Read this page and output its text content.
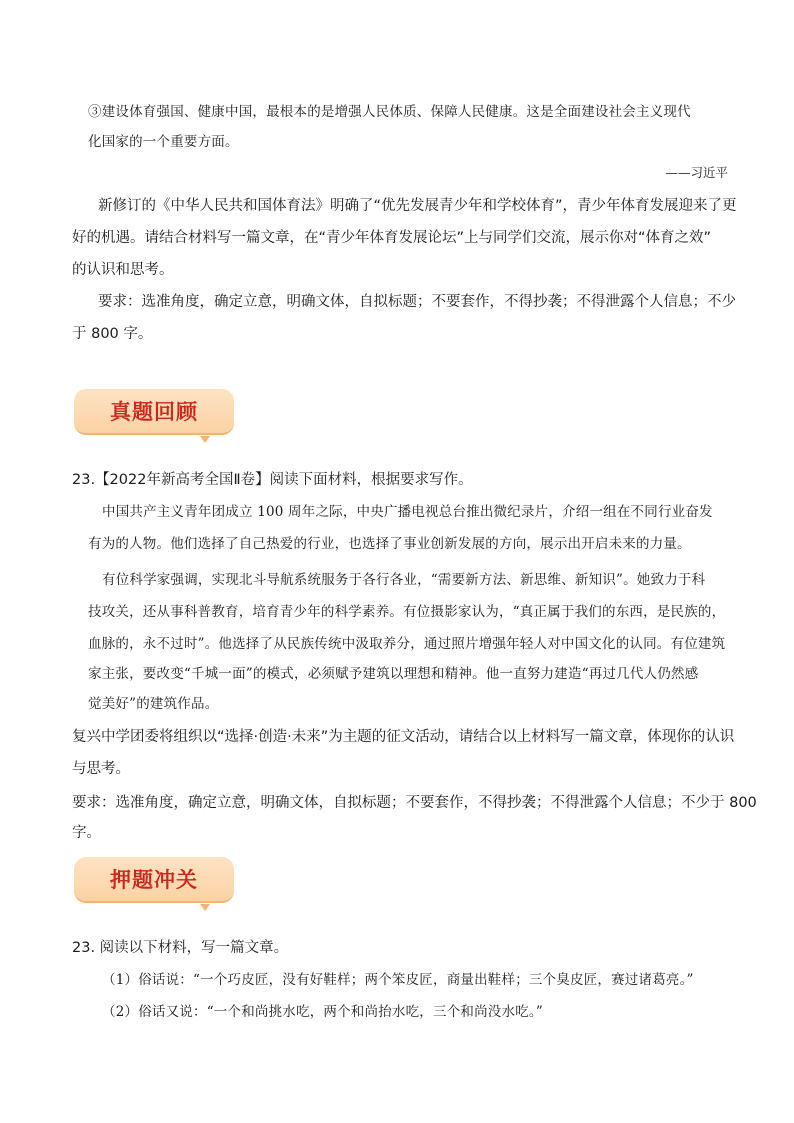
③建设体育强国、健康中国，最根本的是增强人民体质、保障人民健康。这是全面建设社会主义现代
化国家的一个重要方面。
——习近平
新修订的《中华人民共和国体育法》明确了“优先发展青少年和学校体育”，青少年体育发展迎来了更
好的机遇。请结合材料写一篇文章，在“青少年体育发展论坛”上与同学们交流，展示你对“体育之效”
的认识和思考。
要求：选准角度，确定立意，明确文体，自拟标题；不要套作，不得抄袭；不得泄露个人信息；不少
于 800 字。
真题回顾
23.【2022年新高考全国Ⅱ卷】阅读下面材料，根据要求写作。
中国共产主义青年团成立 100 周年之际，中央广播电视总台推出微纪录片，介绍一组在不同行业奋发
有为的人物。他们选择了自己热爱的行业，也选择了事业创新发展的方向，展示出开启未来的力量。
有位科学家强调，实现北斗导航系统服务于各行各业，“需要新方法、新思维、新知识”。她致力于科
技攻关，还从事科普教育，培育青少年的科学素养。有位摄影家认为，“真正属于我们的东西，是民族的，
血脉的，永不过时”。他选择了从民族传统中汲取养分，通过照片增强年轻人对中国文化的认同。有位建筑
家主张，要改变“千城一面”的模式，必须赋予建筑以理想和精神。他一直努力建造“再过几代人仍然感
觉美好”的建筑作品。
复兴中学团委将组织以“选择·创造·未来”为主题的征文活动，请结合以上材料写一篇文章，体现你的认识
与思考。
要求：选准角度，确定立意，明确文体，自拟标题；不要套作，不得抄袭；不得泄露个人信息；不少于 800
字。
押题冲关
23. 阅读以下材料，写一篇文章。
（1）俗话说：“一个巧皮匠，没有好鞋样；两个笨皮匠，商量出鞋样；三个臭皮匠，赛过诸葛亮。”
（2）俗话又说：“一个和尚挑水吃，两个和尚抬水吃，三个和尚没水吃。”
